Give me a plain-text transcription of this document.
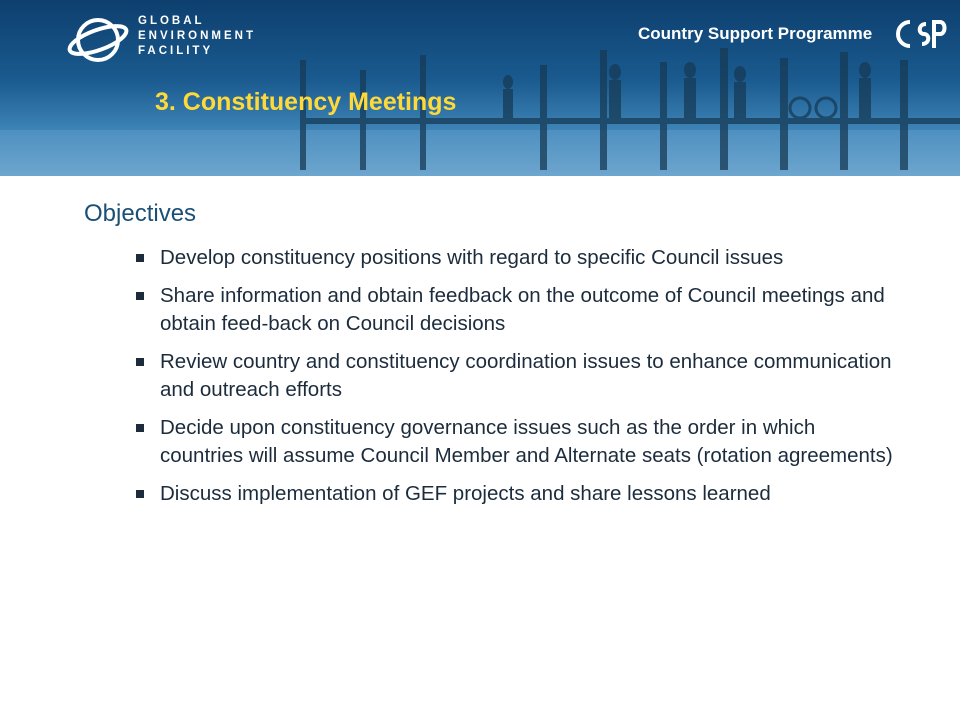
GLOBAL
ENVIRONMENT
FACILITY
Country Support Programme
3. Constituency Meetings
Objectives
Develop constituency positions with regard to specific Council issues
Share information and obtain feedback on the outcome of Council meetings and obtain feed-back on Council decisions
Review country and constituency coordination issues to enhance communication and outreach efforts
Decide upon constituency governance issues such as the order in which countries will assume Council Member and Alternate seats (rotation agreements)
Discuss implementation of GEF projects and share lessons learned
